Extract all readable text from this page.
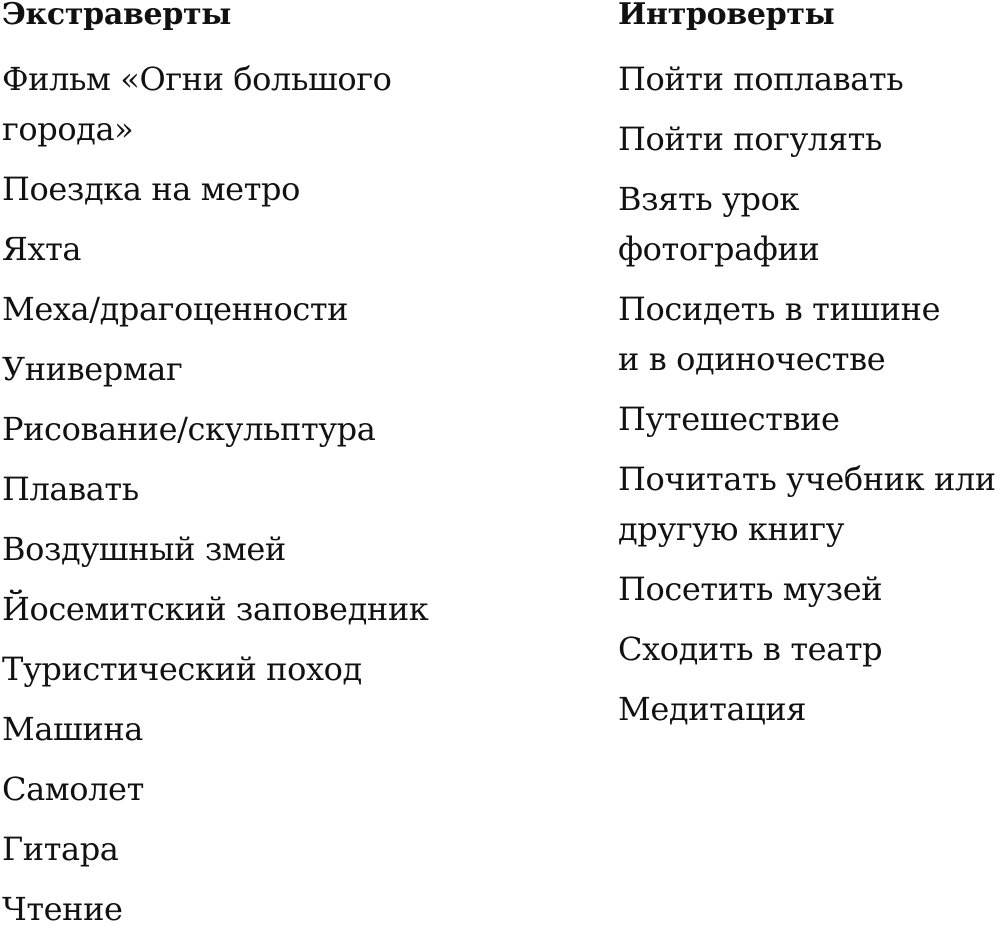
Экстраверты
Фильм «Огни большого
города»
Поездка на метро
Яхта
Меха/драгоценности
Универмаг
Рисование/скульптура
Плавать
Воздушный змей
Йосемитский заповедник
Туристический поход
Машина
Самолет
Гитара
Чтение
Интроверты
Пойти поплавать
Пойти погулять
Взять урок фотографии
Посидеть в тишине
и в одиночестве
Путешествие
Почитать учебник или
другую книгу
Посетить музей
Сходить в театр
Медитация
